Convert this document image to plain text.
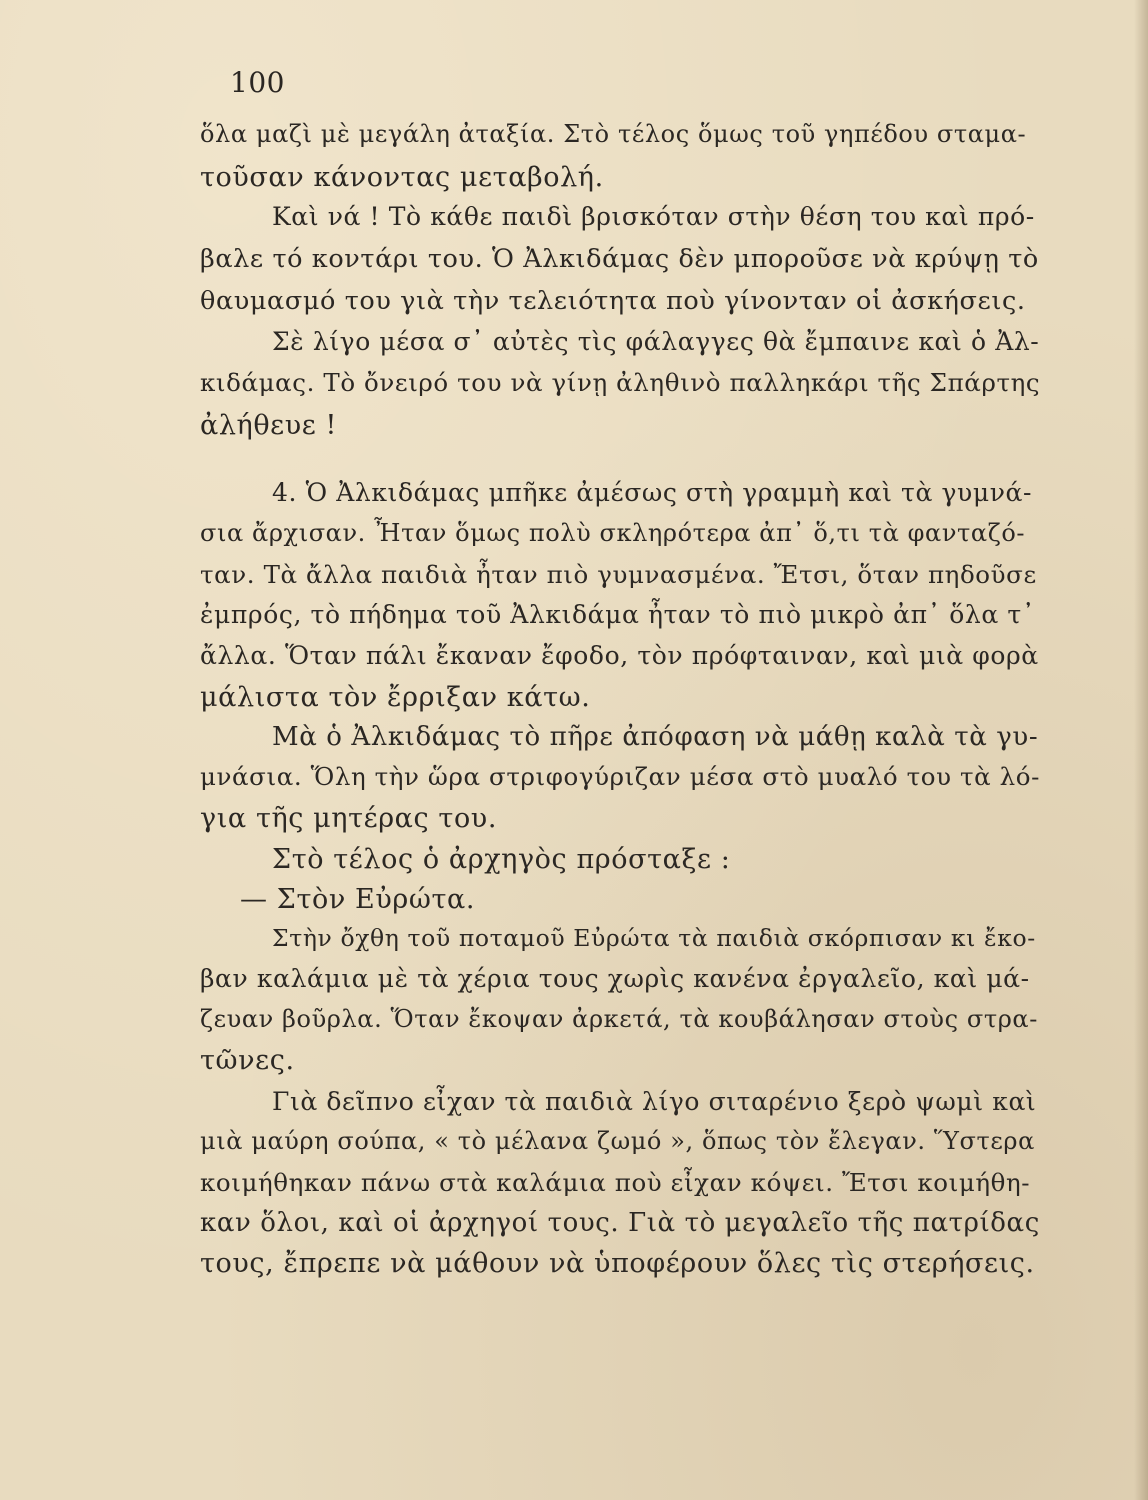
100
ὅλα μαζὶ μὲ μεγάλη ἀταξία. Στὸ τέλος ὅμως τοῦ γηπέδου σταμα-
τοῦσαν κάνοντας μεταβολή.
Καὶ νά ! Τὸ κάθε παιδὶ βρισκόταν στὴν θέση του καὶ πρό-
βαλε τό κοντάρι του. Ὁ Ἀλκιδάμας δὲν μποροῦσε νὰ κρύψῃ τὸ
θαυμασμό του γιὰ τὴν τελειότητα ποὺ γίνονταν οἱ ἀσκήσεις.
Σὲ λίγο μέσα σ᾽ αὐτὲς τὶς φάλαγγες θὰ ἔμπαινε καὶ ὁ Ἀλ-
κιδάμας. Τὸ ὄνειρό του νὰ γίνῃ ἀληθινὸ παλληκάρι τῆς Σπάρτης
ἀλήθευε !
4. Ὁ Ἀλκιδάμας μπῆκε ἀμέσως στὴ γραμμὴ καὶ τὰ γυμνά-
σια ἄρχισαν. Ἦταν ὅμως πολὺ σκληρότερα ἀπ᾽ ὅ,τι τὰ φανταζό-
ταν. Τὰ ἄλλα παιδιὰ ἦταν πιὸ γυμνασμένα. Ἔτσι, ὅταν πηδοῦσε
ἐμπρός, τὸ πήδημα τοῦ Ἀλκιδάμα ἦταν τὸ πιὸ μικρὸ ἀπ᾽ ὅλα τ᾽
ἄλλα. Ὅταν πάλι ἔκαναν ἔφοδο, τὸν πρόφταιναν, καὶ μιὰ φορὰ
μάλιστα τὸν ἔρριξαν κάτω.
Μὰ ὁ Ἀλκιδάμας τὸ πῆρε ἀπόφαση νὰ μάθῃ καλὰ τὰ γυ-
μνάσια. Ὅλη τὴν ὥρα στριφογύριζαν μέσα στὸ μυαλό του τὰ λό-
για τῆς μητέρας του.
Στὸ τέλος ὁ ἀρχηγὸς πρόσταξε :
— Στὸν Εὐρώτα.
Στὴν ὄχθη τοῦ ποταμοῦ Εὐρώτα τὰ παιδιὰ σκόρπισαν κι ἔκο-
βαν καλάμια μὲ τὰ χέρια τους χωρὶς κανένα ἐργαλεῖο, καὶ μά-
ζευαν βοῦρλα. Ὅταν ἔκοψαν ἀρκετά, τὰ κουβάλησαν στοὺς στρα-
τῶνες.
Γιὰ δεῖπνο εἶχαν τὰ παιδιὰ λίγο σιταρένιο ξερὸ ψωμὶ καὶ
μιὰ μαύρη σούπα, « τὸ μέλανα ζωμό », ὅπως τὸν ἔλεγαν. Ὕστερα
κοιμήθηκαν πάνω στὰ καλάμια ποὺ εἶχαν κόψει. Ἔτσι κοιμήθη-
καν ὅλοι, καὶ οἱ ἀρχηγοί τους. Γιὰ τὸ μεγαλεῖο τῆς πατρίδας
τους, ἔπρεπε νὰ μάθουν νὰ ὑποφέρουν ὅλες τὶς στερήσεις.
